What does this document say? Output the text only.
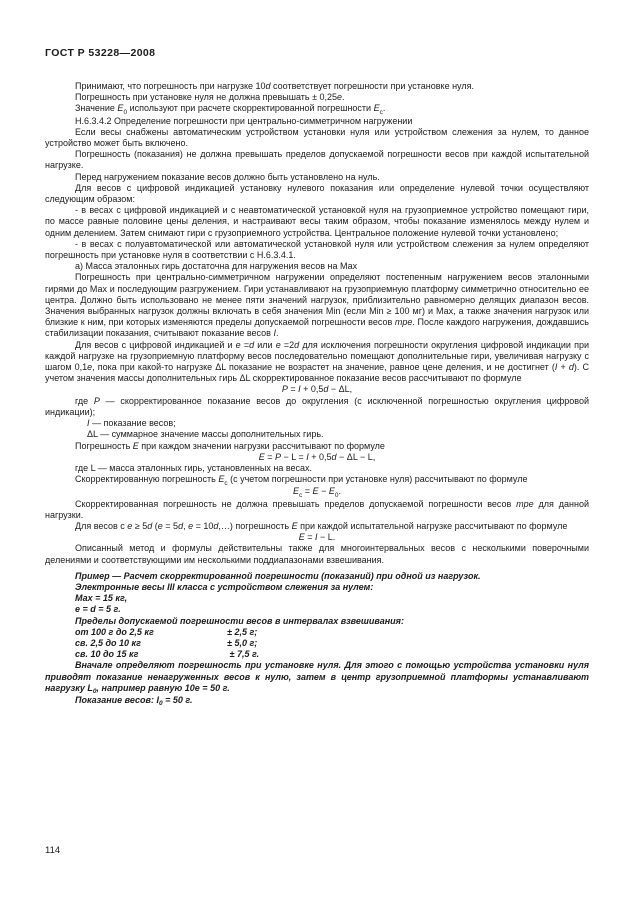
ГОСТ Р 53228—2008

Принимают, что погрешность при нагрузке 10d соответствует погрешности при установке нуля.

Погрешность при установке нуля не должна превышать ± 0,25е.

Значение $Е_0$ используют при расчете скорректированной погрешности $Е_с$.

Н.6.3.4.2 Определение погрешности при центрально-симметричном нагружении

Если весы снабжены автоматическим устройством установки нуля или устройством слежения за нулем, то данное устройство может быть включено.

Погрешность (показания) не должна превышать пределов допускаемой погрешности весов при каждой испытательной нагрузке.

Перед нагружением показание весов должно быть установлено на нуль.

Для весов с цифровой индикацией установку нулевого показания или определение нулевой точки осуществляют следующим образом:

- в весах с цифровой индикацией и с неавтоматической установкой нуля на грузоприемное устройство помещают гири, по массе равные половине цены деления, и настраивают весы таким образом, чтобы показание изменялось между нулем и одним делением. Затем снимают гири с грузоприемного устройства. Центральное положение нулевой точки установлено;

- в весах с полуавтоматической или автоматической установкой нуля или устройством слежения за нулем определяют погрешность при установке нуля в соответствии с Н.6.3.4.1.

а) Масса эталонных гирь достаточна для нагружения весов на Мах

Погрешность при центрально-симметричном нагружении определяют постепенным нагружением весов эталонными гирями до Мах и последующим разгружением. Гири устанавливают на грузоприемную платформу симметрично относительно ее центра. Должно быть использовано не менее пяти значений нагрузок, приблизительно равномерно делящих диапазон весов. Значения выбранных нагрузок должны включать в себя значения Min (если Min ≥ 100 мг) и Мах, а также значения нагрузок или близкие к ним, при которых изменяются пределы допускаемой погрешности весов mpe. После каждого нагружения, дождавшись стабилизации показания, считывают показание весов I.

Для весов с цифровой индикацией и е =d или е =2d для исключения погрешности округления цифровой индикации при каждой нагрузке на грузоприемную платформу весов последовательно помещают дополнительные гири, увеличивая нагрузку с шагом 0,1е, пока при какой-то нагрузке ΔL показание не возрастет на значение, равное цене деления, и не достигнет (I + d). С учетом значения массы дополнительных гирь ΔL скорректированное показание весов рассчитывают по формуле

Р = I + 0,5d − ΔL,

где Р — скорректированное показание весов до округления (с исключенной погрешностью округления цифровой индикации);

I — показание весов;

ΔL — суммарное значение массы дополнительных гирь.

Погрешность Е при каждом значении нагрузки рассчитывают по формуле

Е = Р − L = I + 0,5d − ΔL − L,

где L — масса эталонных гирь, установленных на весах.

Скорректированную погрешность $Е_с$ (с учетом погрешности при установке нуля) рассчитывают по формуле

$Е_с = Е - Е_0$.

Скорректированная погрешность не должна превышать пределов допускаемой погрешности весов mpe для данной нагрузки.

Для весов с е ≥ 5d (е = 5d, е = 10d,…) погрешность Е при каждой испытательной нагрузке рассчитывают по формуле

Е = I − L.

Описанный метод и формулы действительны также для многоинтервальных весов с несколькими поверочными делениями и соответствующими им несколькими поддиапазонами взвешивания.

Пример — Расчет скорректированной погрешности (показаний) при одной из нагрузок.

Электронные весы III класса с устройством слежения за нулем:

Мах = 15 кг,

е = d = 5 г.

Пределы допускаемой погрешности весов в интервалах взвешивания:

от 100 г до 2,5 кг	± 2,5 г;

св. 2,5 до 10 кг	± 5,0 г;

св. 10 до 15 кг	± 7,5 г.

Вначале определяют погрешность при установке нуля. Для этого с помощью устройства установки нуля приводят показание ненагруженных весов к нулю, затем в центр грузоприемной платформы устанавливают нагрузку $L_0$, например равную 10е = 50 г.

Показание весов: $I_0 = 50$ г.

114
